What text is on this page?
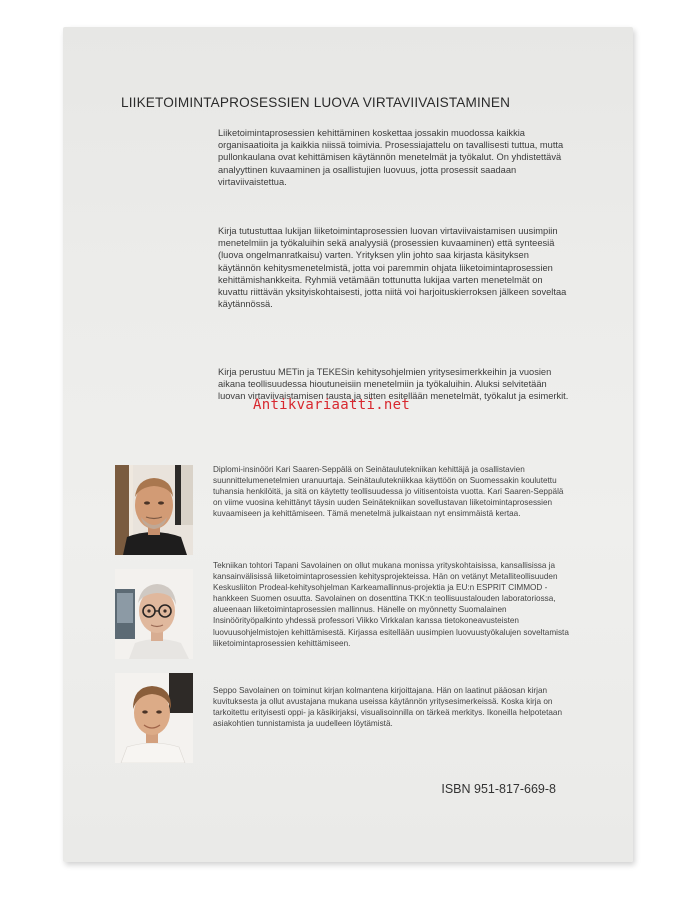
LIIKETOIMINTAPROSESSIEN LUOVA VIRTAVIIVAISTAMINEN
Liiketoimintaprosessien kehittäminen koskettaa jossakin muodossa kaikkia organisaatioita ja kaikkia niissä toimivia. Prosessiajattelu on tavallisesti tuttua, mutta pullonkaulana ovat kehittämisen käytännön menetelmät ja työkalut. On yhdistettävä analyyttinen kuvaaminen ja osallistujien luovuus, jotta prosessit saadaan virtaviivaistettua.
Kirja tutustuttaa lukijan liiketoimintaprosessien luovan virtaviivaistamisen uusimpiin menetelmiin ja työkaluihin sekä analyysiä (prosessien kuvaaminen) että synteesiä (luova ongelmanratkaisu) varten. Yrityksen ylin johto saa kirjasta käsityksen käytännön kehitysmenetelmistä, jotta voi paremmin ohjata liiketoimintaprosessien kehittämishankkeita. Ryhmiä vetämään tottunutta lukijaa varten menetelmät on kuvattu riittävän yksityiskohtaisesti, jotta niitä voi harjoituskierroksen jälkeen soveltaa käytännössä.
Kirja perustuu METin ja TEKESin kehitysohjelmien yritysesimerkkeihin ja vuosien aikana teollisuudessa hioutuneisiin menetelmiin ja työkaluihin. Aluksi selvitetään luovan virtaviivaistamisen tausta ja sitten esitellään menetelmät, työkalut ja esimerkit.
Antikvariaatti.net
Diplomi-insinööri Kari Saaren-Seppälä on Seinätaulutekniikan kehittäjä ja osallistavien suunnittelumenetelmien uranuurtaja. Seinätaulutekniikkaa käyttöön on Suomessakin koulutettu tuhansia henkilöitä, ja sitä on käytetty teollisuudessa jo viitisentoista vuotta. Kari Saaren-Seppälä on viime vuosina kehittänyt täysin uuden Seinätekniikan sovellustavan liiketoimintaprosessien kuvaamiseen ja kehittämiseen. Tämä menetelmä julkaistaan nyt ensimmäistä kertaa.
Tekniikan tohtori Tapani Savolainen on ollut mukana monissa yrityskohtaisissa, kansallisissa ja kansainvälisissä liiketoimintaprosessien kehitysprojekteissa. Hän on vetänyt Metalliteollisuuden Keskusliiton Prodeal-kehitysohjelman Karkeamallinnus-projektia ja EU:n ESPRIT CIMMOD -hankkeen Suomen osuutta. Savolainen on dosenttina TKK:n teollisuustalouden laboratoriossa, alueenaan liiketoimintaprosessien mallinnus. Hänelle on myönnetty Suomalainen Insinöörityöpalkinto yhdessä professori Viikko Virkkalan kanssa tietokoneavusteisten luovuusohjelmistojen kehittämisestä. Kirjassa esitellään uusimpien luovuustyökalujen soveltamista liiketoimintaprosessien kehittämiseen.
Seppo Savolainen on toiminut kirjan kolmantena kirjoittajana. Hän on laatinut pääosan kirjan kuvituksesta ja ollut avustajana mukana useissa käytännön yritysesimerkeissä. Koska kirja on tarkoitettu erityisesti oppi- ja käsikirjaksi, visualisoinnilla on tärkeä merkitys. Ikoneilla helpotetaan asiakohtien tunnistamista ja uudelleen löytämistä.
ISBN 951-817-669-8
